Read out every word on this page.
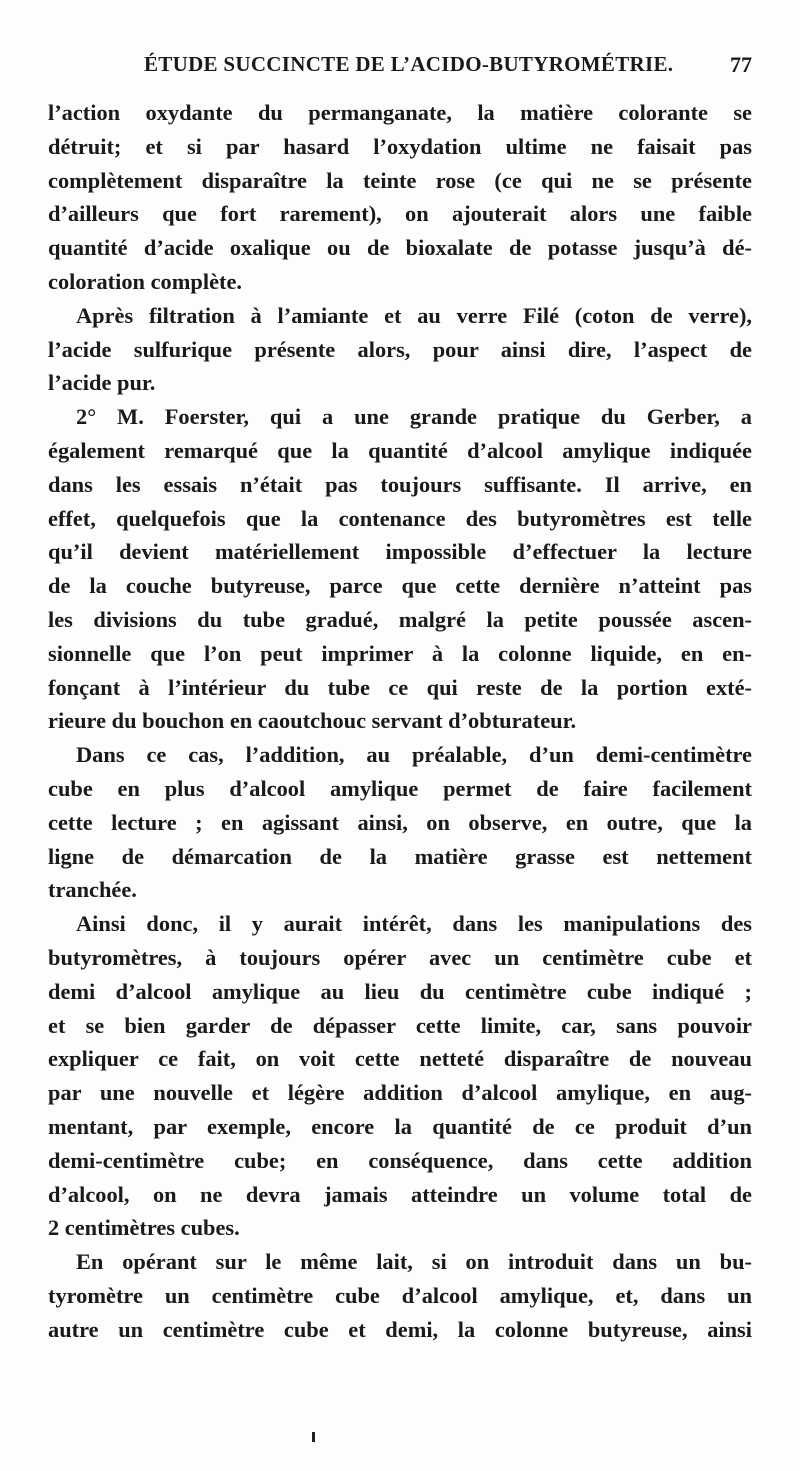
ÉTUDE SUCCINCTE DE L’ACIDO-BUTYROMÉTRIE.	77
l’action oxydante du permanganate, la matière colorante se
détruit; et si par hasard l’oxydation ultime ne faisait pas
complètement disparaître la teinte rose (ce qui ne se présente
d’ailleurs que fort rarement), on ajouterait alors une faible
quantité d’acide oxalique ou de bioxalate de potasse jusqu’à dé-
coloration complète.
Après filtration à l’amiante et au verre Filé (coton de verre),
l’acide sulfurique présente alors, pour ainsi dire, l’aspect de
l’acide pur.
2° M. Foerster, qui a une grande pratique du Gerber, a
également remarqué que la quantité d’alcool amylique indiquée
dans les essais n’était pas toujours suffisante. Il arrive, en
effet, quelquefois que la contenance des butyromètres est telle
qu’il devient matériellement impossible d’effectuer la lecture
de la couche butyreuse, parce que cette dernière n’atteint pas
les divisions du tube gradué, malgré la petite poussée ascen-
sionnelle que l’on peut imprimer à la colonne liquide, en en-
fonçant à l’intérieur du tube ce qui reste de la portion exté-
rieure du bouchon en caoutchouc servant d’obturateur.
Dans ce cas, l’addition, au préalable, d’un demi-centimètre
cube en plus d’alcool amylique permet de faire facilement
cette lecture ; en agissant ainsi, on observe, en outre, que la
ligne de démarcation de la matière grasse est nettement
tranchée.
Ainsi donc, il y aurait intérêt, dans les manipulations des
butyromètres, à toujours opérer avec un centimètre cube et
demi d’alcool amylique au lieu du centimètre cube indiqué ;
et se bien garder de dépasser cette limite, car, sans pouvoir
expliquer ce fait, on voit cette netteté disparaître de nouveau
par une nouvelle et légère addition d’alcool amylique, en aug-
mentant, par exemple, encore la quantité de ce produit d’un
demi-centimètre cube; en conséquence, dans cette addition
d’alcool, on ne devra jamais atteindre un volume total de
2 centimètres cubes.
En opérant sur le même lait, si on introduit dans un bu-
tyromètre un centimètre cube d’alcool amylique, et, dans un
autre un centimètre cube et demi, la colonne butyreuse, ainsi
